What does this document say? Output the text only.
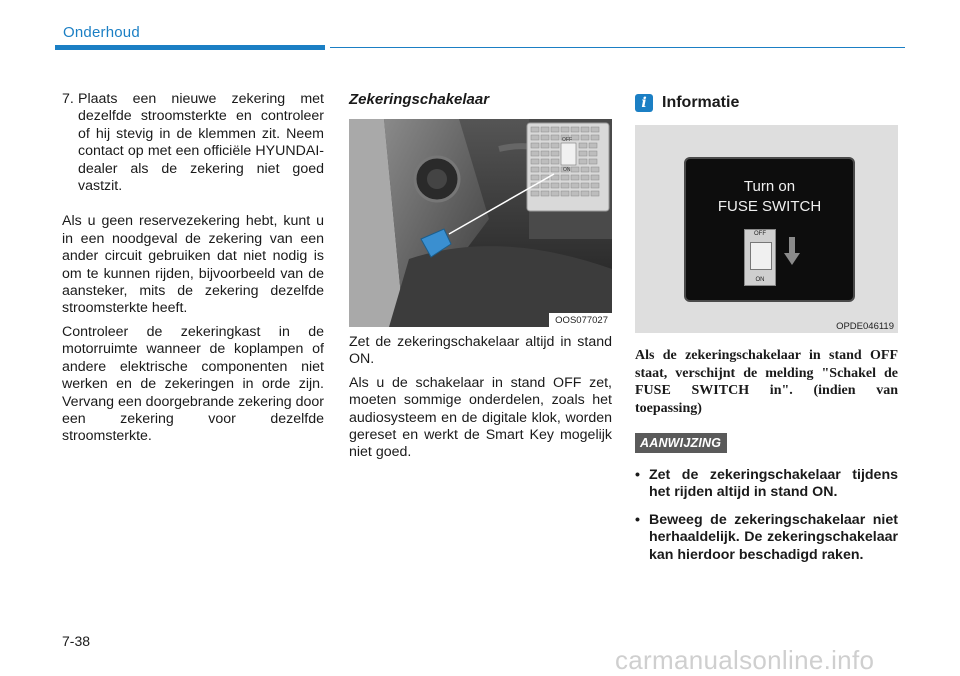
Onderhoud
7. Plaats een nieuwe zekering met dezelfde stroomsterkte en controleer of hij stevig in de klemmen zit. Neem contact op met een officiële HYUNDAI-dealer als de zekering niet goed vastzit.
Als u geen reservezekering hebt, kunt u in een noodgeval de zekering van een ander circuit gebruiken dat niet nodig is om te kunnen rijden, bijvoorbeeld van de aansteker, mits de zekering dezelfde stroomsterkte heeft.
Controleer de zekeringkast in de motorruimte wanneer de koplampen of andere elektrische componenten niet werken en de zekeringen in orde zijn. Vervang een doorgebrande zekering door een zekering voor dezelfde stroomsterkte.
Zekeringschakelaar
OFF
ON
OOS077027
Zet de zekeringschakelaar altijd in stand ON.
Als u de schakelaar in stand OFF zet, moeten sommige onderdelen, zoals het audiosysteem en de digitale klok, worden gereset en werkt de Smart Key mogelijk niet goed.
i Informatie
Turn on
FUSE SWITCH
OFF
ON
OPDE046119
Als de zekeringschakelaar in stand OFF staat, verschijnt de melding "Schakel de FUSE SWITCH in". (indien van toepassing)
AANWIJZING
• Zet de zekeringschakelaar tijdens het rijden altijd in stand ON.
• Beweeg de zekeringschakelaar niet herhaaldelijk. De zekeringschakelaar kan hierdoor beschadigd raken.
7-38
carmanualsonline.info
